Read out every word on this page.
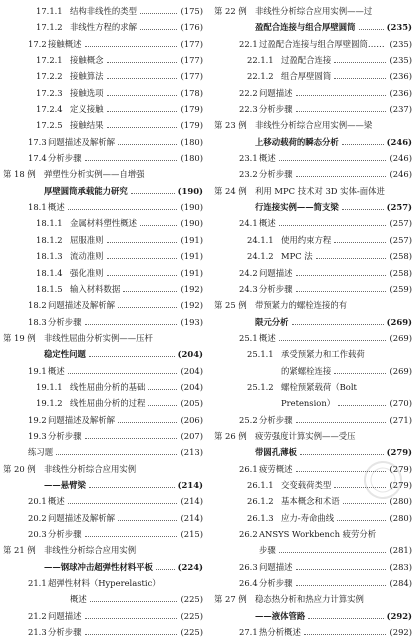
17.1.1 结构非线性的类型	(175)
17.1.2 非线性方程的求解	(176)
17.2 接触概述	(177)
17.2.1 接触概念	(177)
17.2.2 接触算法	(177)
17.2.3 接触选项	(178)
17.2.4 定义接触	(179)
17.2.5 接触结果	(179)
17.3 问题描述及解析解	(180)
17.4 分析步骤	(180)
第 18 例 弹塑性分析实例——自增强
厚壁圆筒承载能力研究	(190)
18.1 概述	(190)
18.1.1 金属材料塑性概述	(190)
18.1.2 屈服准则	(191)
18.1.3 流动准则	(191)
18.1.4 强化准则	(191)
18.1.5 输入材料数据	(192)
18.2 问题描述及解析解	(192)
18.3 分析步骤	(193)
第 19 例 非线性屈曲分析实例——压杆
稳定性问题	(204)
19.1 概述	(204)
19.1.1 线性屈曲分析的基础	(204)
19.1.2 线性屈曲分析的过程	(205)
19.2 问题描述及解析解	(206)
19.3 分析步骤	(207)
练习题	(213)
第 20 例 非线性分析综合应用实例
——悬臂梁	(214)
20.1 概述	(214)
20.2 问题描述及解析解	(214)
20.3 分析步骤	(215)
第 21 例 非线性分析综合应用实例
——钢球冲击超弹性材料平板	(224)
21.1 超弹性材料（Hyperelastic）
概述	(225)
21.2 问题描述	(225)
21.3 分析步骤	(225)
第 22 例 非线性分析综合应用实例——过
盈配合连接与组合厚壁圆筒	(235)
22.1 过盈配合连接与组合厚壁圆筒…… (235)
22.1.1 过盈配合连接	(235)
22.1.2 组合厚壁圆筒	(236)
22.2 问题描述	(236)
22.3 分析步骤	(237)
第 23 例 非线性分析综合应用实例——梁
上移动载荷的瞬态分析	(246)
23.1 概述	(246)
23.2 分析步骤	(246)
第 24 例 利用 MPC 技术对 3D 实体-面体进
行连接实例——简支梁	(257)
24.1 概述	(257)
24.1.1 使用约束方程	(257)
24.1.2 MPC 法	(258)
24.2 问题描述	(258)
24.3 分析步骤	(259)
第 25 例 带预紧力的螺栓连接的有
限元分析	(269)
25.1 概述	(269)
25.1.1 承受预紧力和工作载荷
的紧螺栓连接	(269)
25.1.2 螺栓预紧载荷（Bolt
Pretension）	(270)
25.2 分析步骤	(271)
第 26 例 疲劳强度计算实例——受压
带圆孔薄板	(279)
26.1 疲劳概述	(279)
26.1.1 交变载荷类型	(279)
26.1.2 基本概念和术语	(280)
26.1.3 应力-寿命曲线	(280)
26.2 ANSYS Workbench 疲劳分析
步骤	(281)
26.3 问题描述	(283)
26.4 分析步骤	(284)
第 27 例 稳态热分析和热应力计算实例
——液体管路	(292)
27.1 热分析概述	(292)
